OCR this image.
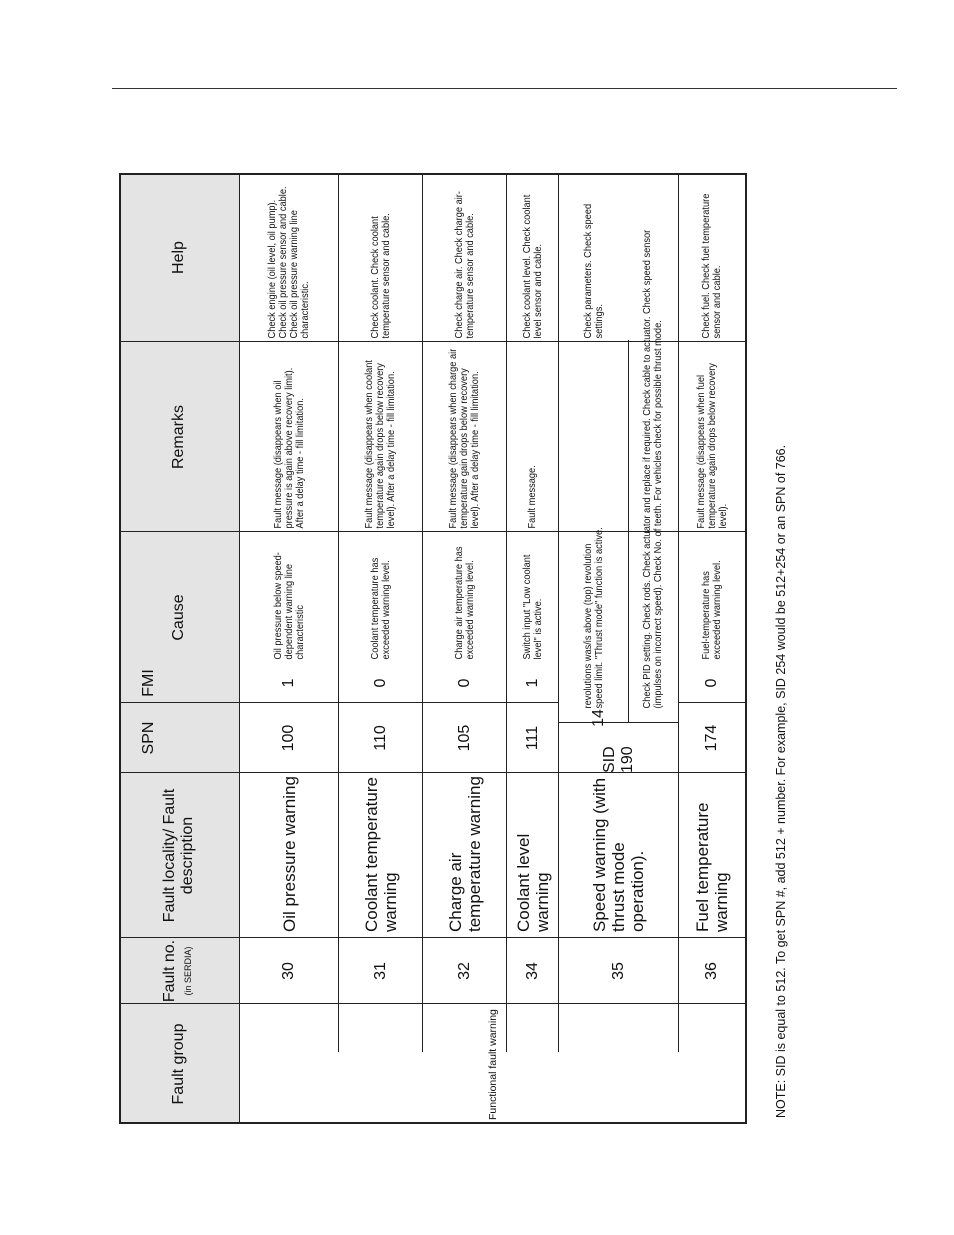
Fault group
Fault no. (in SERDIA)
Fault locality/ Fault description
SPN
FMI
Cause
Remarks
Help
Functional fault warning
30
Oil pressure warning
100
1
Oil pressure below speed-dependent warning line characteristic
Fault message (disappears when oil pressure is again above recovery limit). After a delay time - fill limitation.
Check engine (oil level, oil pump). Check oil pressure sensor and cable. Check oil pressure warning line characteristic.
31
Coolant temperature warning
110
0
Coolant temperature has exceeded warning level.
Fault message (disappears when coolant temperature again drops below recovery level). After a delay time - fill limitation.
Check coolant. Check coolant temperature sensor and cable.
32
Charge air temperature warning
105
0
Charge air temperature has exceeded warning level.
Fault message (disappears when charge air temperature gain drops below recovery level). After a delay time - fill limitation.
Check charge air. Check charge air-temperature sensor and cable.
34
Coolant level warning
111
1
Switch input "Low coolant level" is active.
Fault message.
Check coolant level. Check coolant level sensor and cable.
35
Speed warning (with thrust mode operation).
SID 190
14
revolutions was/is above (top) revolution speed limit. "Thrust mode" function is active.
Check parameters. Check speed settings.	Check PID setting. Check rods. Check actuator and replace if required. Check cable to actuator. Check speed sensor (impulses on incorrect speed). Check No. of teeth. For vehicles check for possible thrust mode.
36
Fuel temperature warning
174
0
Fuel-temperature has exceeded warning level.
Fault message (disappears when fuel temperature again drops below recovery level).
Check fuel. Check fuel temperature sensor and cable.
NOTE: SID is equal to 512. To get SPN #, add 512 + number. For example, SID 254 would be 512+254 or an SPN of 766.
